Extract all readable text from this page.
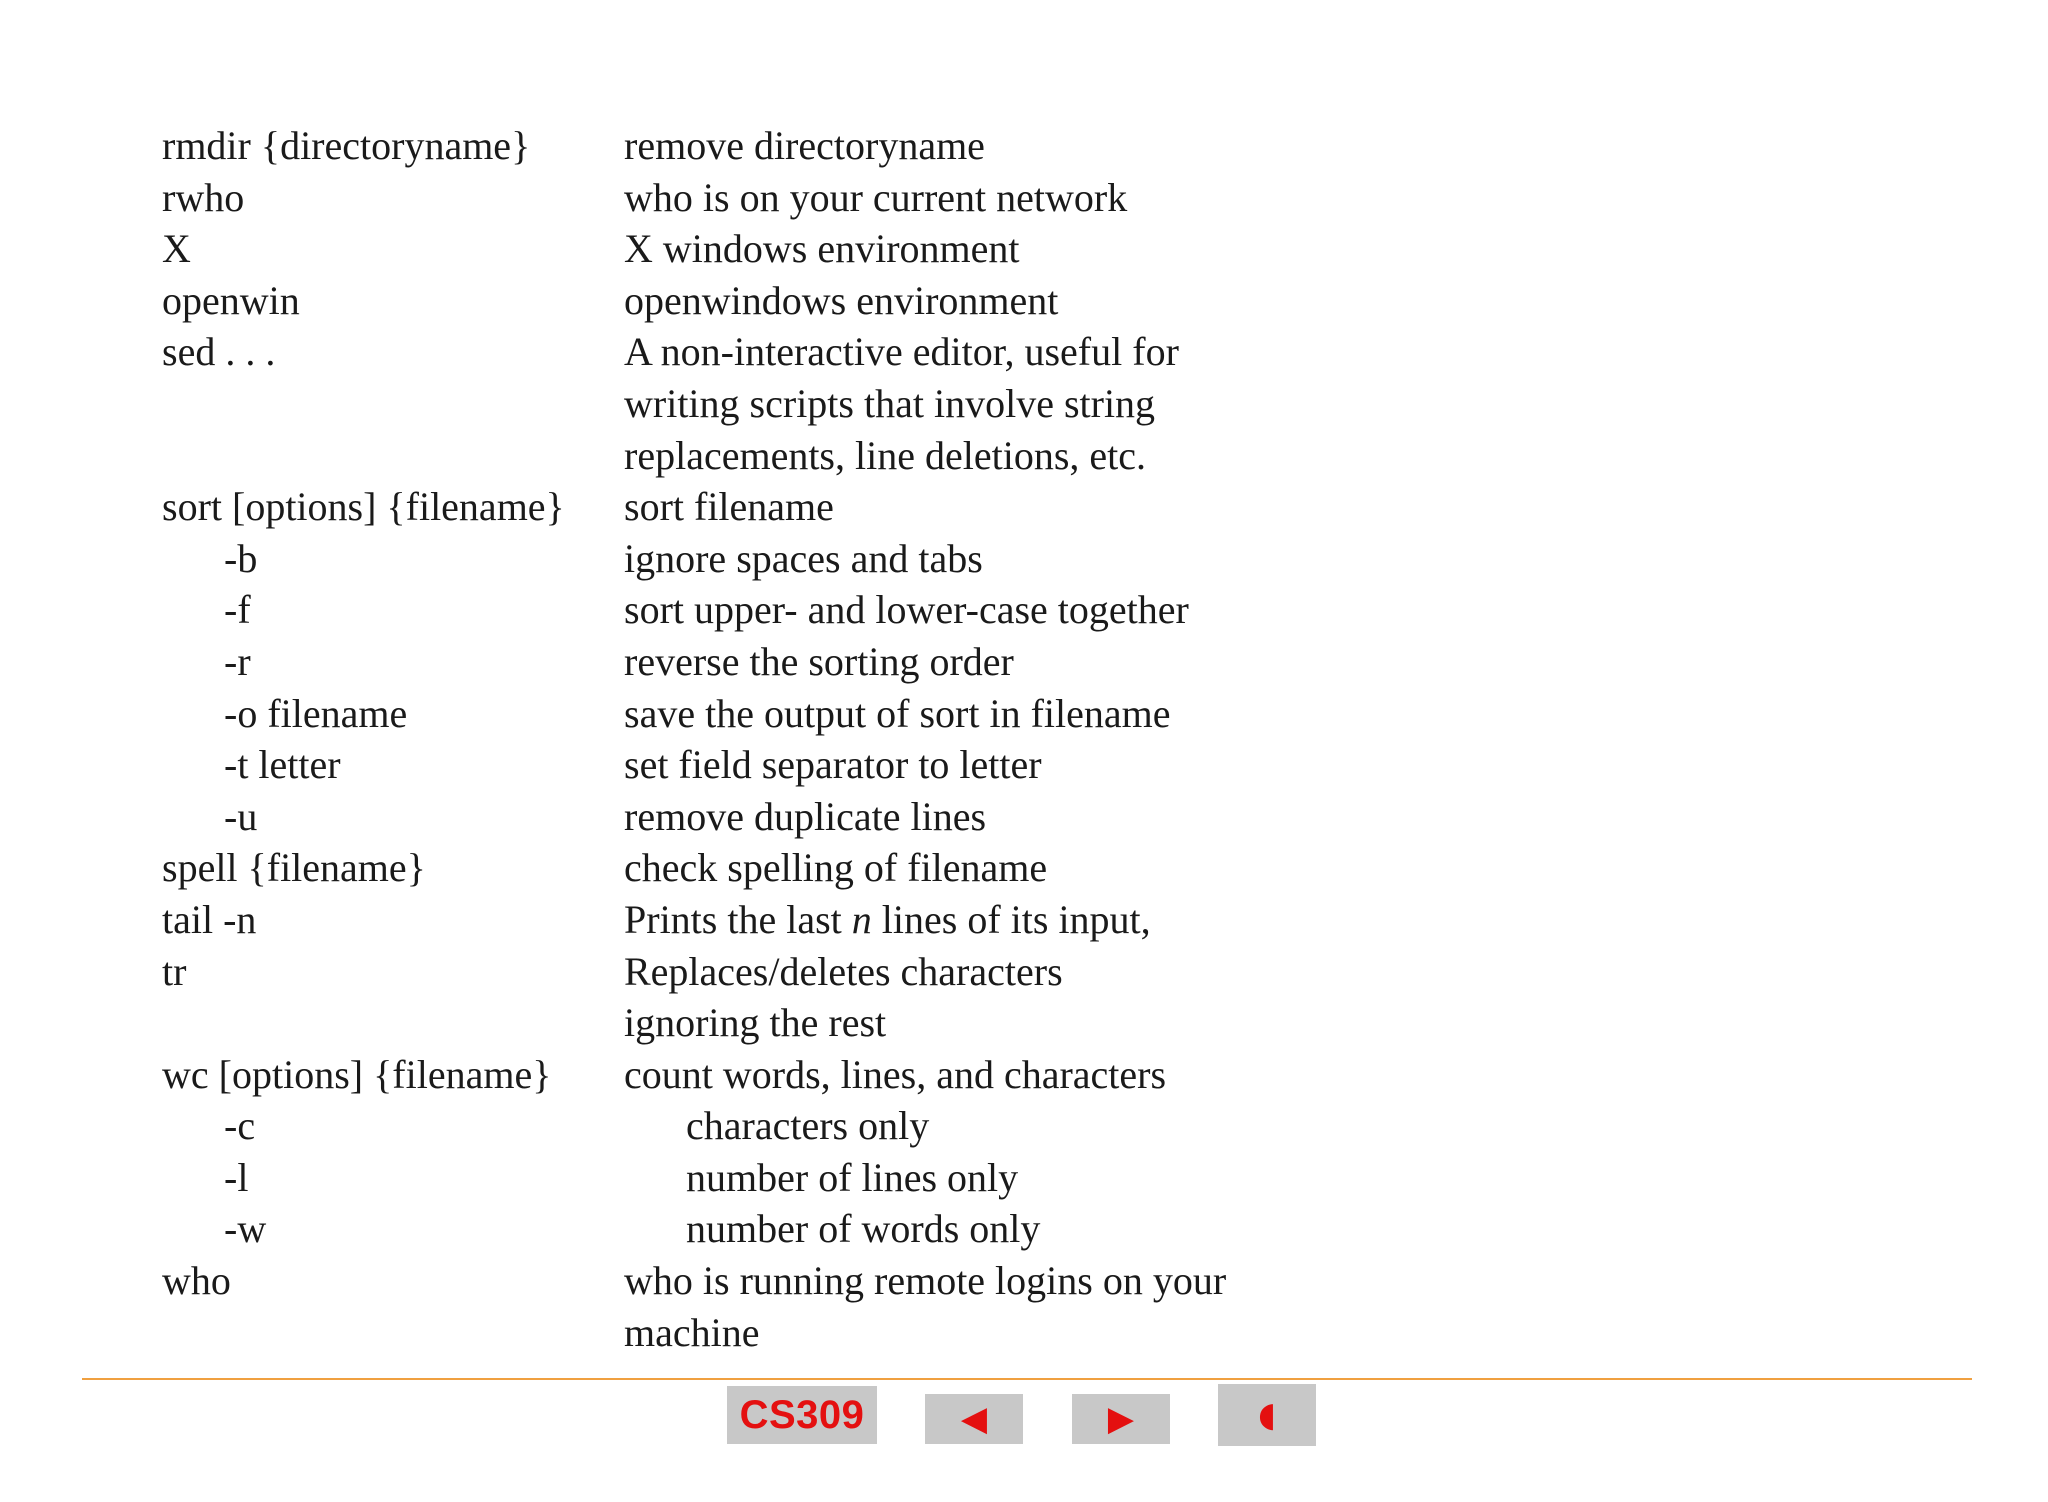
rmdir {directoryname}	remove directoryname
rwho	who is on your current network
X	X windows environment
openwin	openwindows environment
sed . . .	A non-interactive editor, useful for
writing scripts that involve string
replacements, line deletions, etc.
sort [options] {filename}	sort filename
-b	ignore spaces and tabs
-f	sort upper- and lower-case together
-r	reverse the sorting order
-o filename	save the output of sort in filename
-t letter	set field separator to letter
-u	remove duplicate lines
spell {filename}	check spelling of filename
tail -n	Prints the last n lines of its input,
tr	Replaces/deletes characters
ignoring the rest
wc [options] {filename}	count words, lines, and characters
-c	characters only
-l	number of lines only
-w	number of words only
who	who is running remote logins on your
machine
CS309	◀	▶	◖
